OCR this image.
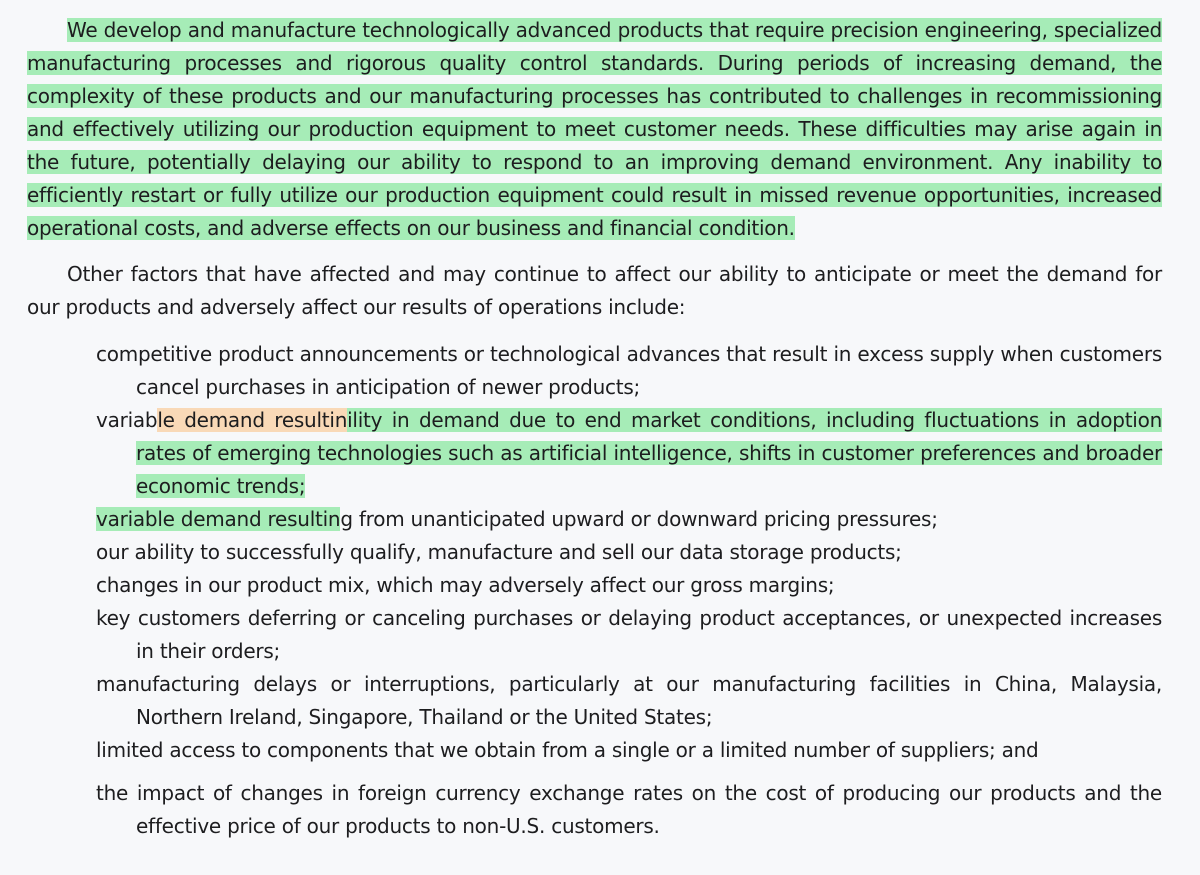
We develop and manufacture technologically advanced products that require precision engineering, specialized manufacturing processes and rigorous quality control standards. During periods of increasing demand, the complexity of these products and our manufacturing processes has contributed to challenges in recommissioning and effectively utilizing our production equipment to meet customer needs. These difficulties may arise again in the future, potentially delaying our ability to respond to an improving demand environment. Any inability to efficiently restart or fully utilize our production equipment could result in missed revenue opportunities, increased operational costs, and adverse effects on our business and financial condition.

Other factors that have affected and may continue to affect our ability to anticipate or meet the demand for our products and adversely affect our results of operations include:

competitive product announcements or technological advances that result in excess supply when customers cancel purchases in anticipation of newer products;
variable demand resultinility in demand due to end market conditions, including fluctuations in adoption rates of emerging technologies such as artificial intelligence, shifts in customer preferences and broader economic trends;
variable demand resulting from unanticipated upward or downward pricing pressures;
our ability to successfully qualify, manufacture and sell our data storage products;
changes in our product mix, which may adversely affect our gross margins;
key customers deferring or canceling purchases or delaying product acceptances, or unexpected increases in their orders;
manufacturing delays or interruptions, particularly at our manufacturing facilities in China, Malaysia, Northern Ireland, Singapore, Thailand or the United States;
limited access to components that we obtain from a single or a limited number of suppliers; and
the impact of changes in foreign currency exchange rates on the cost of producing our products and the effective price of our products to non-U.S. customers.
